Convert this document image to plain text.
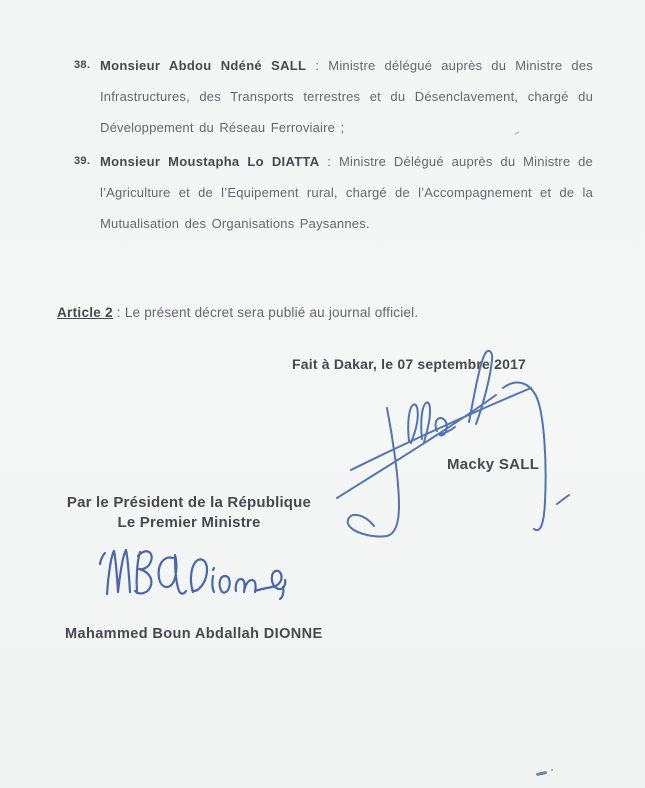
38. Monsieur Abdou Ndéné SALL : Ministre délégué auprès du Ministre des Infrastructures, des Transports terrestres et du Désenclavement, chargé du Développement du Réseau Ferroviaire ;
39. Monsieur Moustapha Lo DIATTA : Ministre Délégué auprès du Ministre de l’Agriculture et de l’Equipement rural, chargé de l’Accompagnement et de la Mutualisation des Organisations Paysannes.
Article 2 : Le présent décret sera publié au journal officiel.
Fait à Dakar, le 07 septembre 2017
Macky SALL
Par le Président de la République
Le Premier Ministre
Mahammed Boun Abdallah DIONNE
